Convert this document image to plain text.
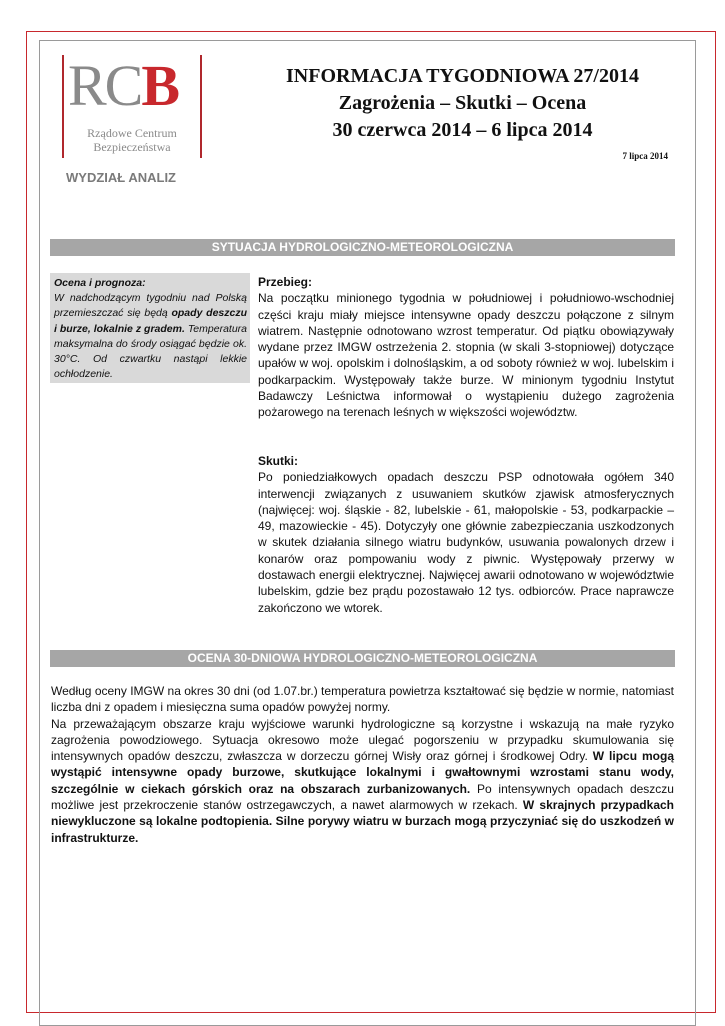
RCB
Rządowe Centrum
Bezpieczeństwa
WYDZIAŁ ANALIZ
INFORMACJA TYGODNIOWA 27/2014
Zagrożenia – Skutki – Ocena
30 czerwca 2014 – 6 lipca 2014
7 lipca 2014
SYTUACJA HYDROLOGICZNO-METEOROLOGICZNA
Ocena i prognoza:
W nadchodzącym tygodniu nad Polską przemieszczać się będą opady deszczu i burze, lokalnie z gradem. Temperatura maksymalna do środy osiągać będzie ok. 30°C. Od czwartku nastąpi lekkie ochłodzenie.
Przebieg:
Na początku minionego tygodnia w południowej i południowo-wschodniej części kraju miały miejsce intensywne opady deszczu połączone z silnym wiatrem. Następnie odnotowano wzrost temperatur. Od piątku obowiązywały wydane przez IMGW ostrzeżenia 2. stopnia (w skali 3-stopniowej) dotyczące upałów w woj. opolskim i dolnośląskim, a od soboty również w woj. lubelskim i podkarpackim. Występowały także burze. W minionym tygodniu Instytut Badawczy Leśnictwa informował o wystąpieniu dużego zagrożenia pożarowego na terenach leśnych w większości województw.
Skutki:
Po poniedziałkowych opadach deszczu PSP odnotowała ogółem 340 interwencji związanych z usuwaniem skutków zjawisk atmosferycznych (najwięcej: woj. śląskie - 82, lubelskie - 61, małopolskie - 53, podkarpackie – 49, mazowieckie - 45). Dotyczyły one głównie zabezpieczania uszkodzonych w skutek działania silnego wiatru budynków, usuwania powalonych drzew i konarów oraz pompowaniu wody z piwnic. Występowały przerwy w dostawach energii elektrycznej. Najwięcej awarii odnotowano w województwie lubelskim, gdzie bez prądu pozostawało 12 tys. odbiorców. Prace naprawcze zakończono we wtorek.
OCENA 30-DNIOWA HYDROLOGICZNO-METEOROLOGICZNA

Według oceny IMGW na okres 30 dni (od 1.07.br.) temperatura powietrza kształtować się będzie w normie, natomiast liczba dni z opadem i miesięczna suma opadów powyżej normy.

Na przeważającym obszarze kraju wyjściowe warunki hydrologiczne są korzystne i wskazują na małe ryzyko zagrożenia powodziowego. Sytuacja okresowo może ulegać pogorszeniu w przypadku skumulowania się intensywnych opadów deszczu, zwłaszcza w dorzeczu górnej Wisły oraz górnej i środkowej Odry. W lipcu mogą wystąpić intensywne opady burzowe, skutkujące lokalnymi i gwałtownymi wzrostami stanu wody, szczególnie w ciekach górskich oraz na obszarach zurbanizowanych. Po intensywnych opadach deszczu możliwe jest przekroczenie stanów ostrzegawczych, a nawet alarmowych w rzekach. W skrajnych przypadkach niewykluczone są lokalne podtopienia. Silne porywy wiatru w burzach mogą przyczyniać się do uszkodzeń w infrastrukturze.
